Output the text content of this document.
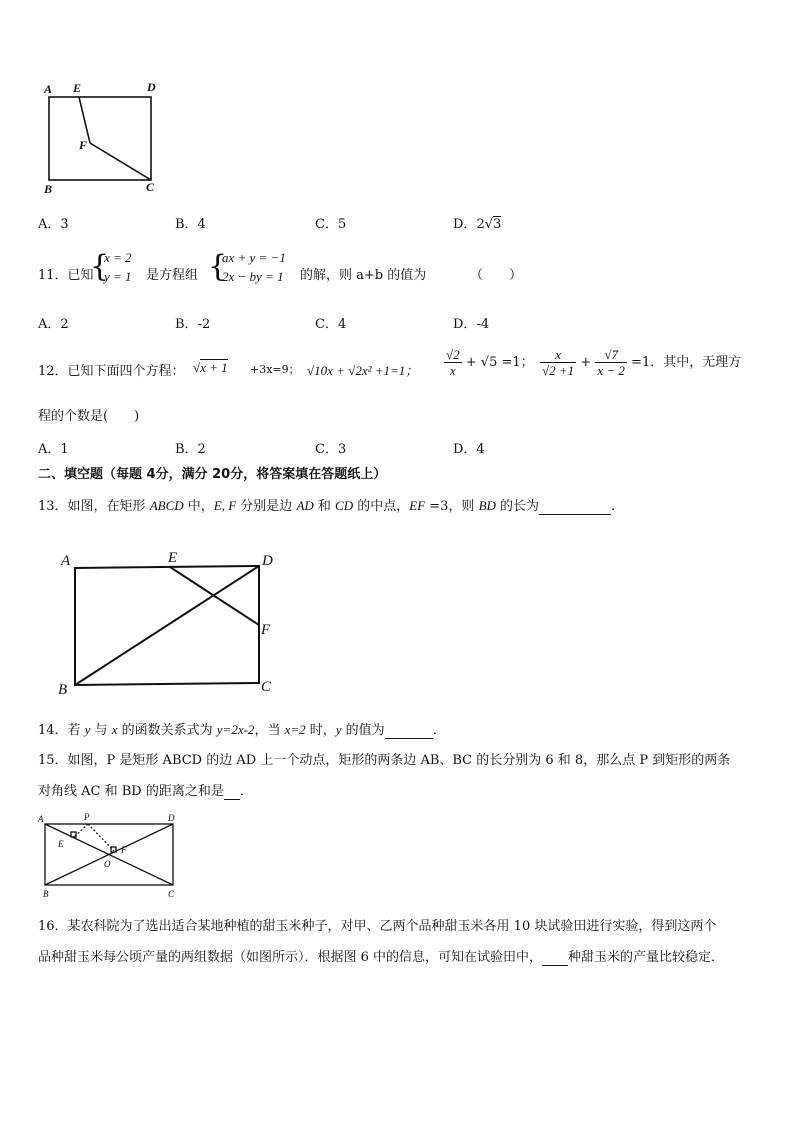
A E	D
F
B	C
A．3	B．4	C．5	D．2√3
11．已知
{
x = 2
y = 1 是方程组 {
ax + y = −1
2x − by = 1 的解，则 a+b 的值为	（　　）
A．2	B．-2	C．4	D．-4
12．已知下面四个方程： √x + 1 +3x=9； √10x + √2x² +1=1； $\frac{√2}{x} + √5 =1$； $\frac{x}{√2 +1} + \frac{√7}{x - 2} =1$．其中，无理方
程的个数是(　　)
A．1	B．2	C．3	D．4
二、填空题（每题 4分，满分 20分，将答案填在答题纸上）
13．如图，在矩形 ABCD 中，E, F 分别是边 AD 和 CD 的中点，EF =3，则 BD 的长为	．
A	E	D
F
B	C
14．若 y 与 x 的函数关系式为 y=2x-2，当 x=2 时，y 的值为	．
15．如图，P 是矩形 ABCD 的边 AD 上一个动点，矩形的两条边 AB、BC 的长分别为 6 和 8，那么点 P 到矩形的两条
对角线 AC 和 BD 的距离之和是 ．
A	P	D
E
F
O
B	C
16．某农科院为了选出适合某地种植的甜玉米种子，对甲、乙两个品种甜玉米各用 10 块试验田进行实验，得到这两个
品种甜玉米每公顷产量的两组数据（如图所示）．根据图 6 中的信息，可知在试验田中， 种甜玉米的产量比较稳定．
